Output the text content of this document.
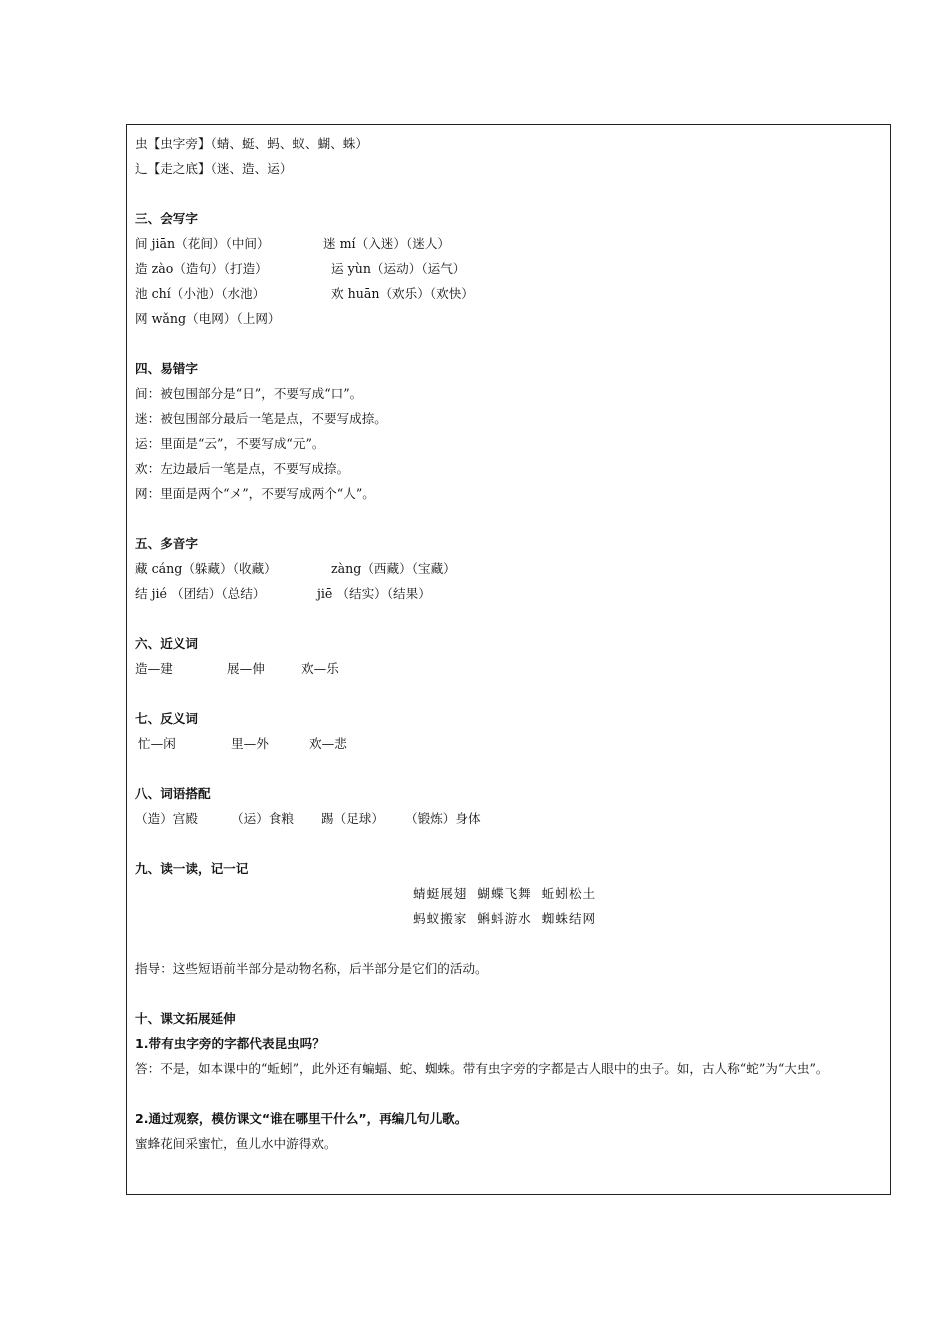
虫【虫字旁】（蜻、蜓、蚂、蚁、蝴、蛛）
辶【走之底】（迷、造、运）
三、会写字
间 jiān（花间）（中间）	迷 mí（入迷）（迷人）
造 zào（造句）（打造）	运 yùn（运动）（运气）
池 chí（小池）（水池）	欢 huān（欢乐）（欢快）
网 wǎng（电网）（上网）
四、易错字
间：被包围部分是“日”，不要写成“口”。
迷：被包围部分最后一笔是点，不要写成捺。
运：里面是“云”，不要写成“元”。
欢：左边最后一笔是点，不要写成捺。
网：里面是两个“メ”，不要写成两个“人”。
五、多音字
藏 cáng（躲藏）（收藏）	zàng（西藏）（宝藏）
结 jié （团结）（总结）	jiē （结实）（结果）
六、近义词
造—建	展—伸	欢—乐
七、反义词
忙—闲	里—外	欢—悲
八、词语搭配
（造）宫殿	（运）食粮 踢（足球） （锻炼）身体
九、读一读，记一记
蜻蜓展翅  蝴蝶飞舞  蚯蚓松土
蚂蚁搬家  蝌蚪游水  蜘蛛结网
指导：这些短语前半部分是动物名称，后半部分是它们的活动。
十、课文拓展延伸
1.带有虫字旁的字都代表昆虫吗？
答：不是，如本课中的“蚯蚓”，此外还有蝙蝠、蛇、蜘蛛。带有虫字旁的字都是古人眼中的虫子。如，古人称“蛇”为“大虫”。
2.通过观察，模仿课文“谁在哪里干什么”，再编几句儿歌。
蜜蜂花间采蜜忙，鱼儿水中游得欢。
